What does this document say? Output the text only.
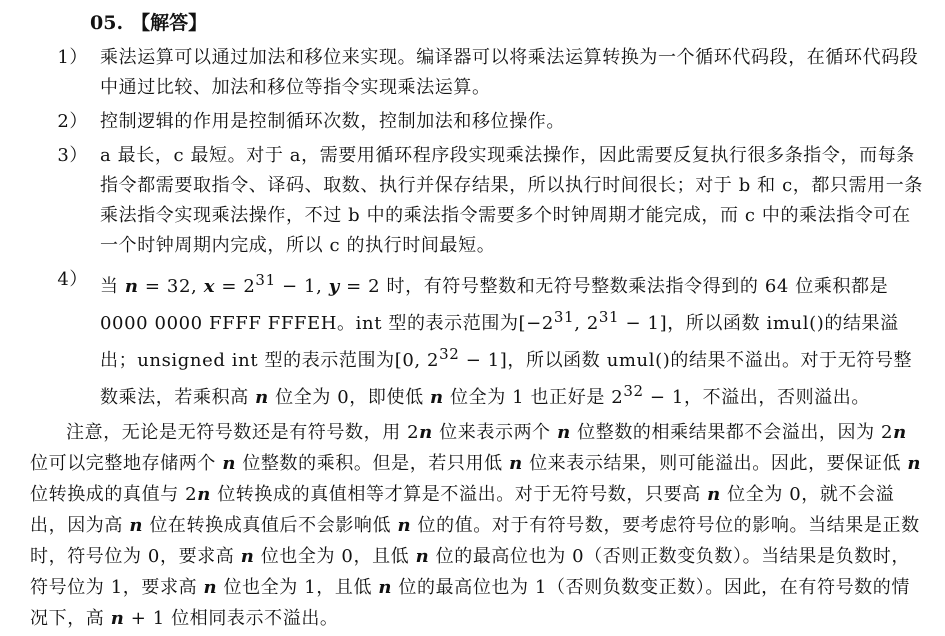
05. 【解答】
1） 乘法运算可以通过加法和移位来实现。编译器可以将乘法运算转换为一个循环代码段，在循环代码段中通过比较、加法和移位等指令实现乘法运算。
2） 控制逻辑的作用是控制循环次数，控制加法和移位操作。
3） a 最长，c 最短。对于 a，需要用循环程序段实现乘法操作，因此需要反复执行很多条指令，而每条指令都需要取指令、译码、取数、执行并保存结果，所以执行时间很长；对于 b 和 c，都只需用一条乘法指令实现乘法操作，不过 b 中的乘法指令需要多个时钟周期才能完成，而 c 中的乘法指令可在一个时钟周期内完成，所以 c 的执行时间最短。
4） 当 n = 32, $x = 2^{31} - 1$, y = 2 时，有符号整数和无符号整数乘法指令得到的 64 位乘积都是 0000 0000 FFFF FFFEH。int 型的表示范围为[$-2^{31}$, $2^{31} - 1$]，所以函数 imul()的结果溢出；unsigned int 型的表示范围为[0, $2^{32} - 1$]，所以函数 umul()的结果不溢出。对于无符号整数乘法，若乘积高 n 位全为 0，即使低 n 位全为 1 也正好是 $2^{32} - 1$，不溢出，否则溢出。
注意，无论是无符号数还是有符号数，用 2n 位来表示两个 n 位整数的相乘结果都不会溢出，因为 2n 位可以完整地存储两个 n 位整数的乘积。但是，若只用低 n 位来表示结果，则可能溢出。因此，要保证低 n 位转换成的真值与 2n 位转换成的真值相等才算是不溢出。对于无符号数，只要高 n 位全为 0，就不会溢出，因为高 n 位在转换成真值后不会影响低 n 位的值。对于有符号数，要考虑符号位的影响。当结果是正数时，符号位为 0，要求高 n 位也全为 0，且低 n 位的最高位也为 0（否则正数变负数）。当结果是负数时，符号位为 1，要求高 n 位也全为 1，且低 n 位的最高位也为 1（否则负数变正数）。因此，在有符号数的情况下，高 n + 1 位相同表示不溢出。
